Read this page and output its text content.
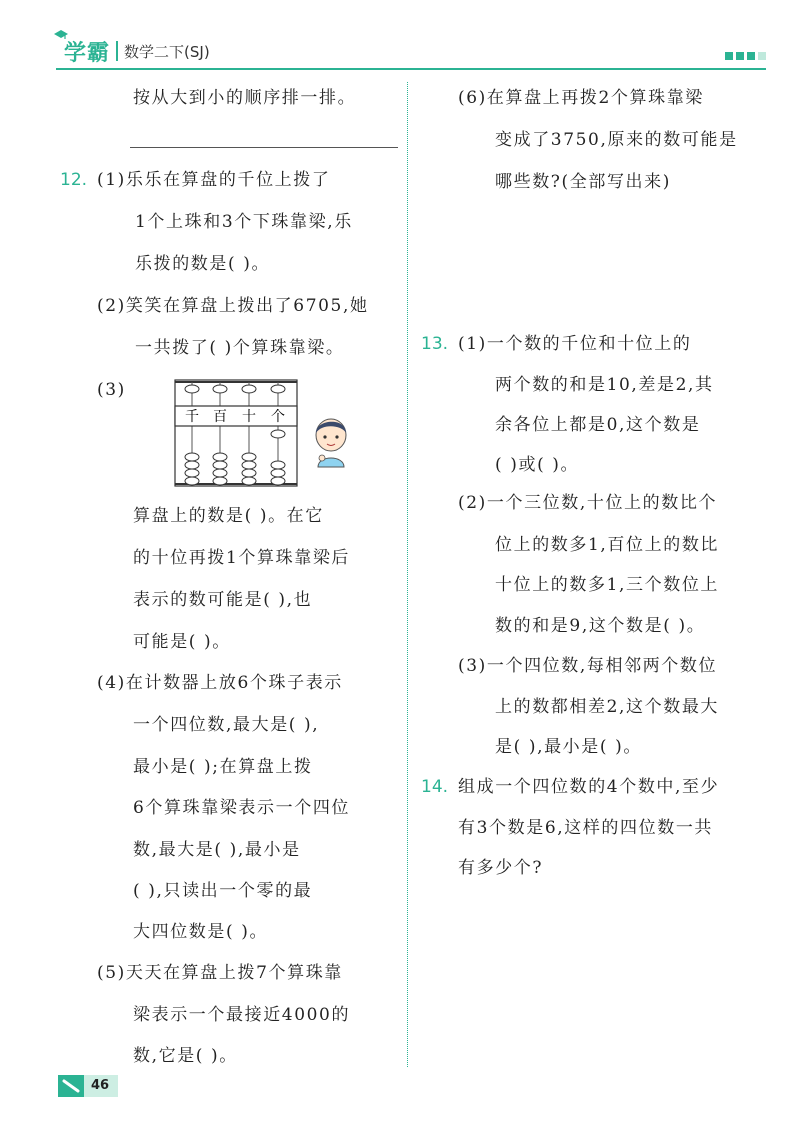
学霸 数学二下(SJ)
按从大到小的顺序排一排。
12. (1)乐乐在算盘的千位上拨了
1个上珠和3个下珠靠梁,乐
乐拨的数是( )。
(2)笑笑在算盘上拨出了6705,她
一共拨了( )个算珠靠梁。
(3)
千 百 十 个
算盘上的数是( )。在它
的十位再拨1个算珠靠梁后
表示的数可能是( ),也
可能是( )。
(4)在计数器上放6个珠子表示
一个四位数,最大是( ),
最小是( );在算盘上拨
6个算珠靠梁表示一个四位
数,最大是( ),最小是
( ),只读出一个零的最
大四位数是( )。
(5)天天在算盘上拨7个算珠靠
梁表示一个最接近4000的
数,它是( )。
(6)在算盘上再拨2个算珠靠梁
变成了3750,原来的数可能是
哪些数?(全部写出来)
13. (1)一个数的千位和十位上的
两个数的和是10,差是2,其
余各位上都是0,这个数是
( )或( )。
(2)一个三位数,十位上的数比个
位上的数多1,百位上的数比
十位上的数多1,三个数位上
数的和是9,这个数是( )。
(3)一个四位数,每相邻两个数位
上的数都相差2,这个数最大
是( ),最小是( )。
14. 组成一个四位数的4个数中,至少
有3个数是6,这样的四位数一共
有多少个?
46
